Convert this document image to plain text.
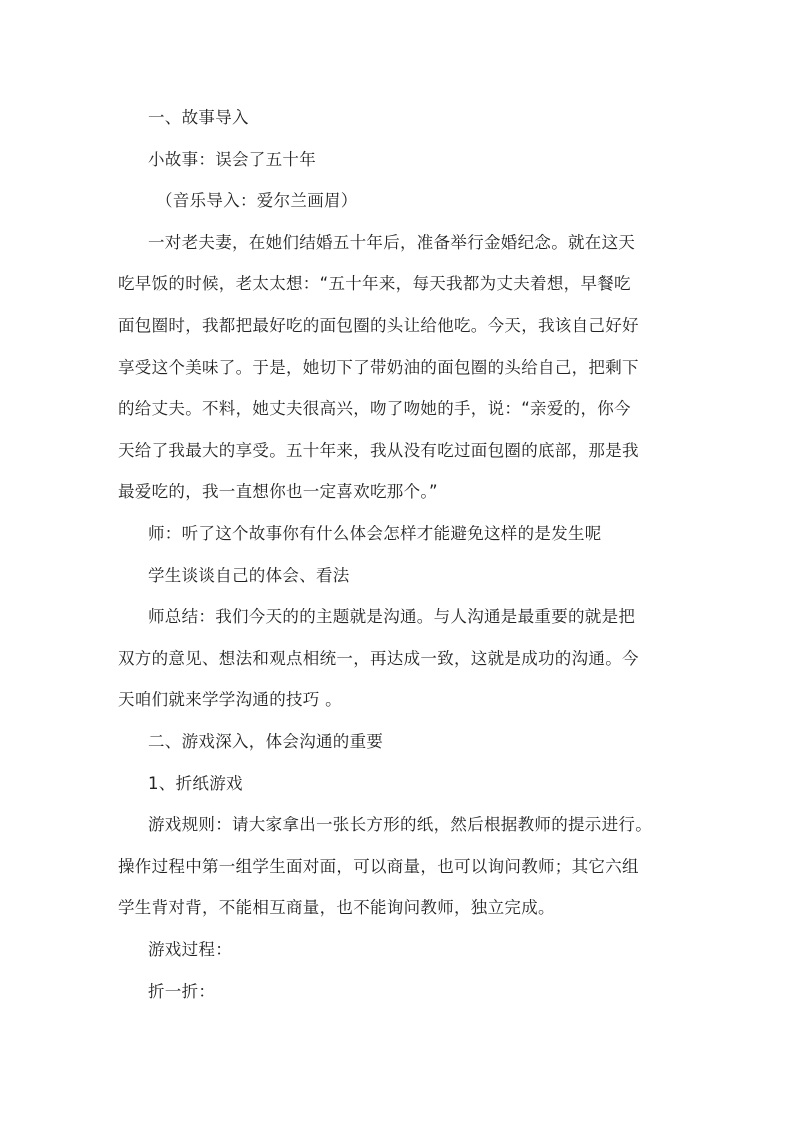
一、故事导入
小故事：误会了五十年
（音乐导入：爱尔兰画眉）
一对老夫妻，在她们结婚五十年后，准备举行金婚纪念。就在这天
吃早饭的时候，老太太想：“五十年来，每天我都为丈夫着想，早餐吃
面包圈时，我都把最好吃的面包圈的头让给他吃。今天，我该自己好好
享受这个美味了。于是，她切下了带奶油的面包圈的头给自己，把剩下
的给丈夫。不料，她丈夫很高兴，吻了吻她的手，说：“亲爱的，你今
天给了我最大的享受。五十年来，我从没有吃过面包圈的底部，那是我
最爱吃的，我一直想你也一定喜欢吃那个。”
师：听了这个故事你有什么体会怎样才能避免这样的是发生呢
学生谈谈自己的体会、看法
师总结：我们今天的的主题就是沟通。与人沟通是最重要的就是把
双方的意见、想法和观点相统一，再达成一致，这就是成功的沟通。今
天咱们就来学学沟通的技巧 。
二、游戏深入，体会沟通的重要
1、折纸游戏
游戏规则：请大家拿出一张长方形的纸，然后根据教师的提示进行。
操作过程中第一组学生面对面，可以商量，也可以询问教师；其它六组
学生背对背，不能相互商量，也不能询问教师，独立完成。
游戏过程：
折一折：
